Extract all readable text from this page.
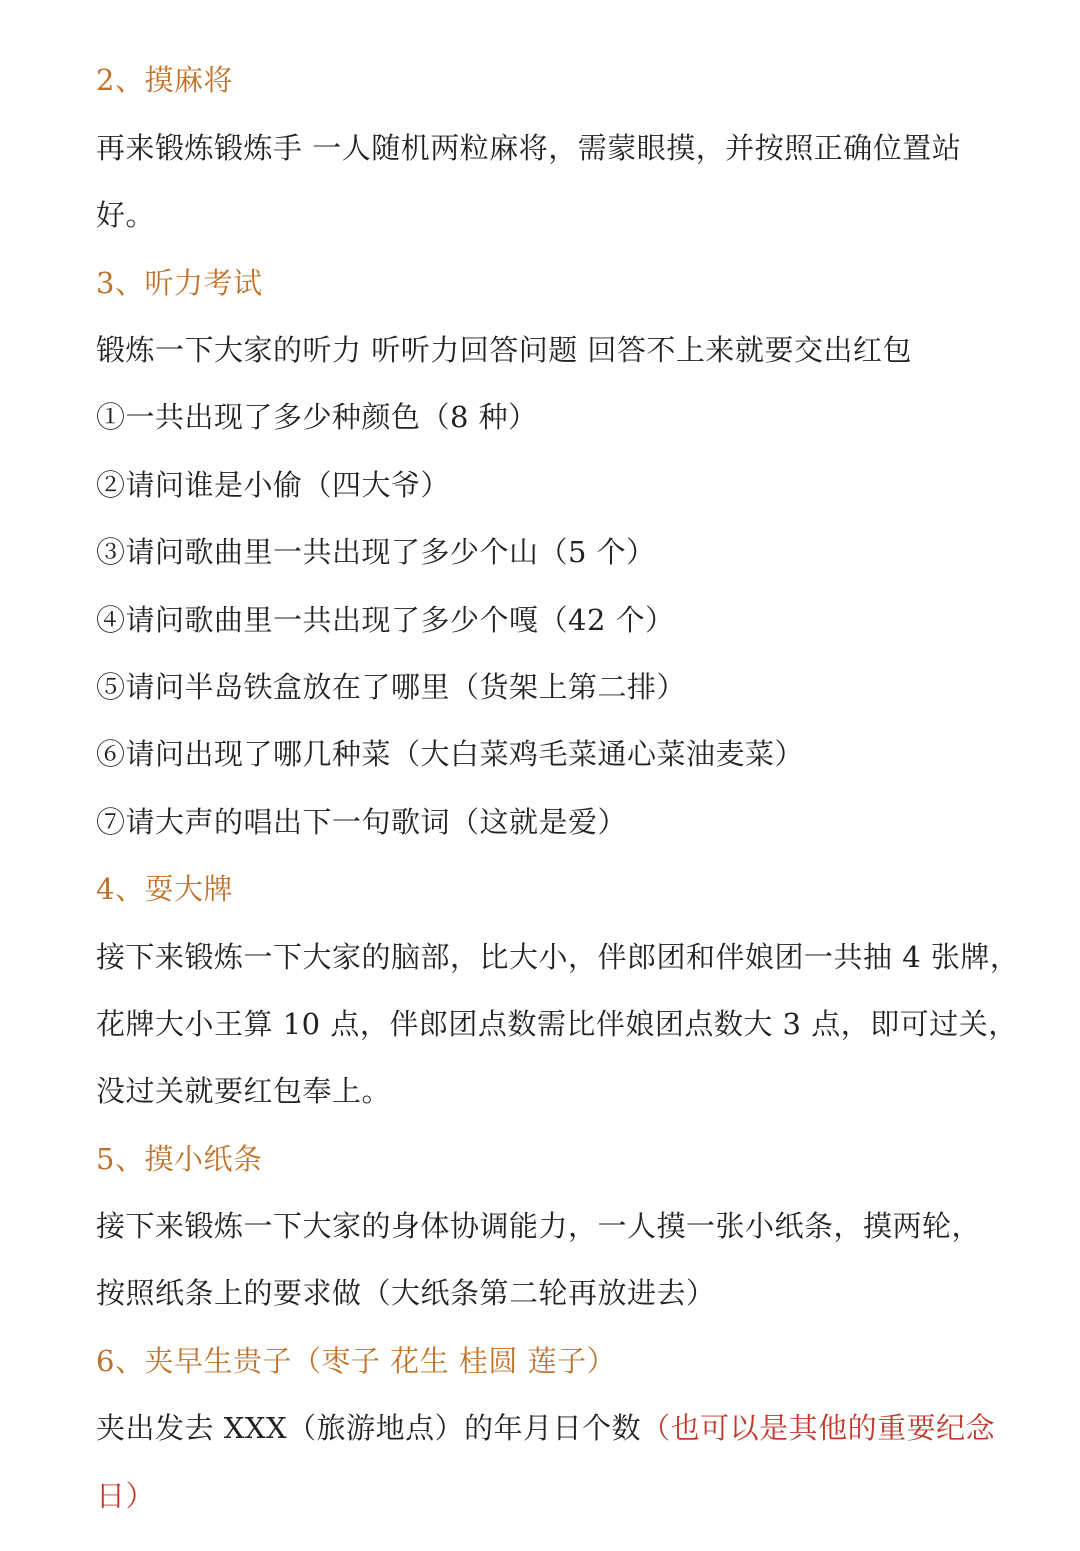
2、摸麻将
再来锻炼锻炼手 一人随机两粒麻将，需蒙眼摸，并按照正确位置站
好。
3、听力考试
锻炼一下大家的听力 听听力回答问题 回答不上来就要交出红包
①一共出现了多少种颜色（8 种）
②请问谁是小偷（四大爷）
③请问歌曲里一共出现了多少个山（5 个）
④请问歌曲里一共出现了多少个嘎（42 个）
⑤请问半岛铁盒放在了哪里（货架上第二排）
⑥请问出现了哪几种菜（大白菜鸡毛菜通心菜油麦菜）
⑦请大声的唱出下一句歌词（这就是爱）
4、耍大牌
接下来锻炼一下大家的脑部，比大小，伴郎团和伴娘团一共抽 4 张牌，
花牌大小王算 10 点，伴郎团点数需比伴娘团点数大 3 点，即可过关，
没过关就要红包奉上。
5、摸小纸条
接下来锻炼一下大家的身体协调能力，一人摸一张小纸条，摸两轮，
按照纸条上的要求做（大纸条第二轮再放进去）
6、夹早生贵子（枣子 花生 桂圆 莲子）
夹出发去 XXX（旅游地点）的年月日个数（也可以是其他的重要纪念
日）
